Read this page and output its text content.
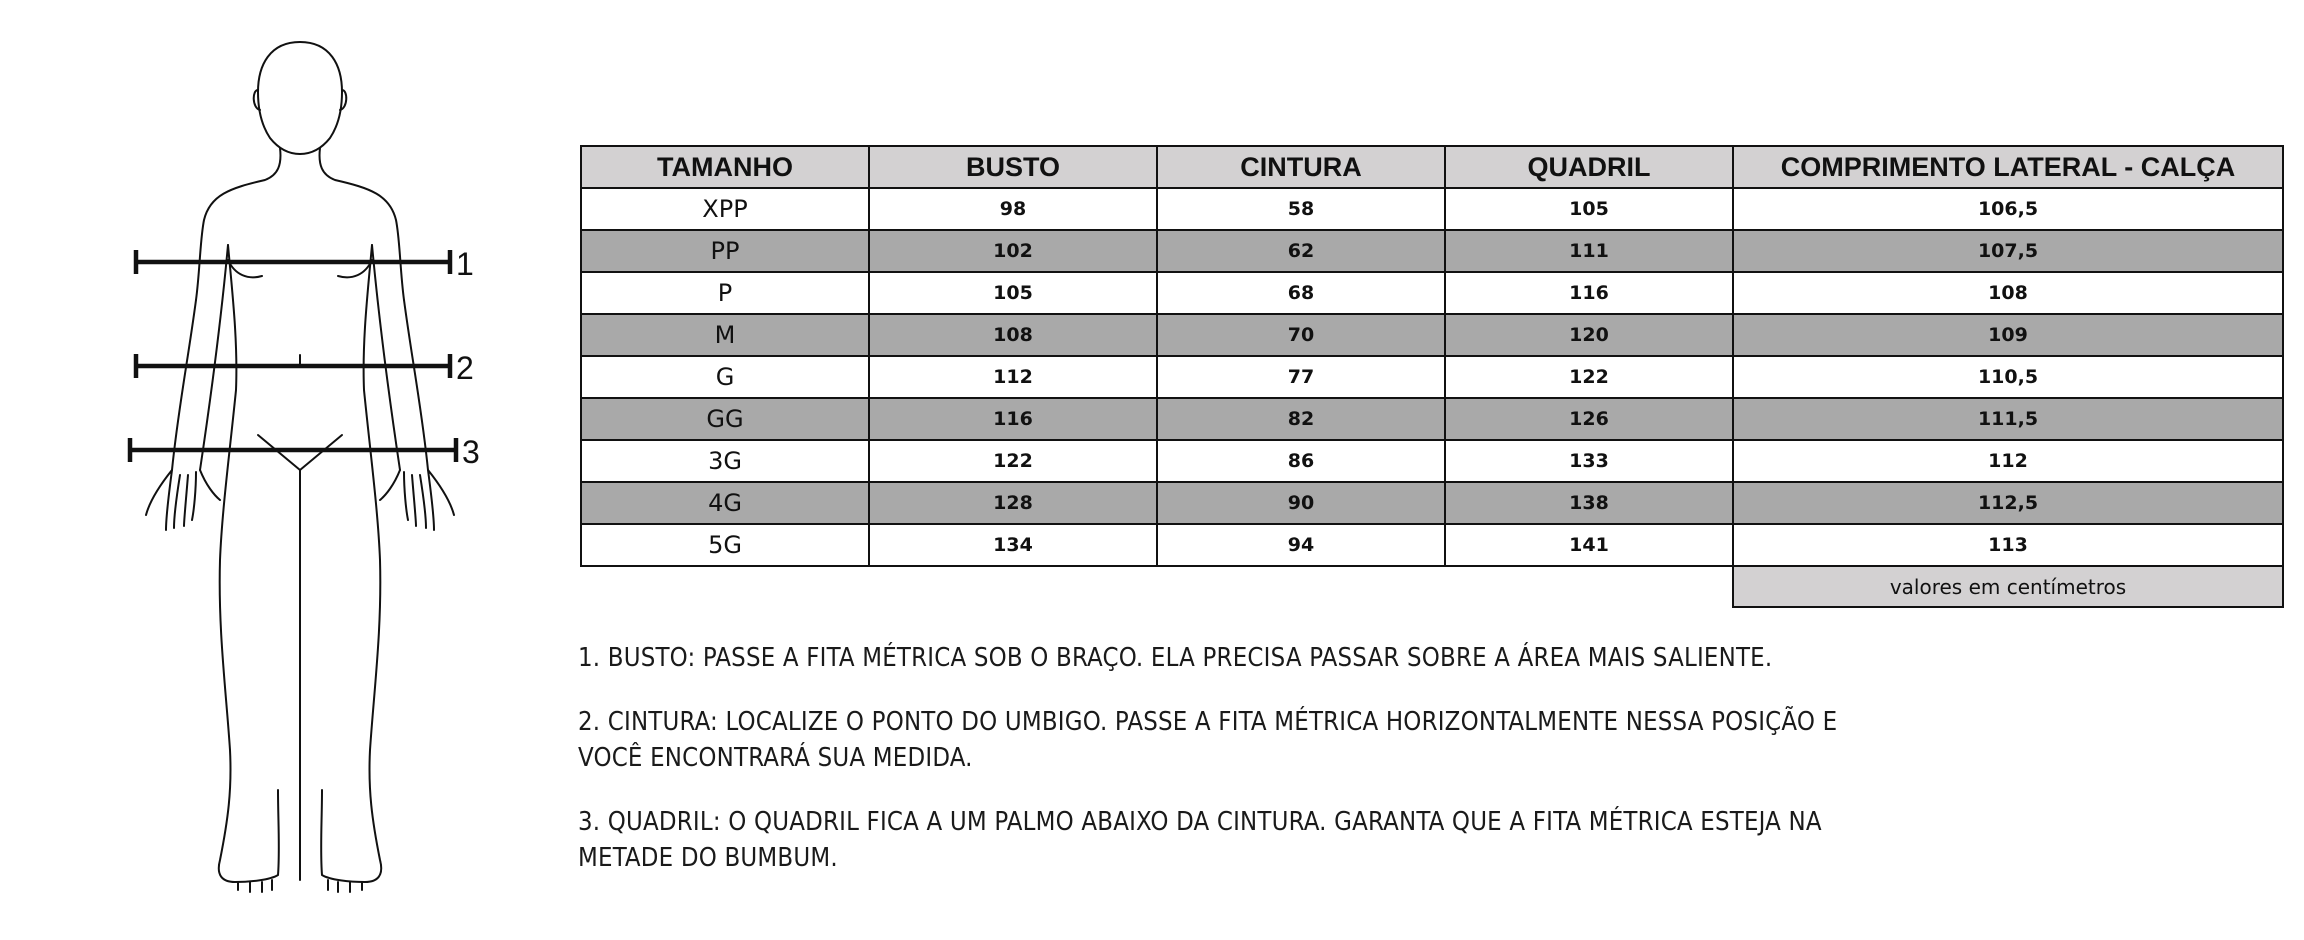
1
2
3
TAMANHO	BUSTO	CINTURA	QUADRIL	COMPRIMENTO LATERAL - CALÇA
XPP	98	58	105	106,5
PP	102	62	111	107,5
P	105	68	116	108
M	108	70	120	109
G	112	77	122	110,5
GG	116	82	126	111,5
3G	122	86	133	112
4G	128	90	138	112,5
5G	134	94	141	113
				valores em centímetros

1. BUSTO: PASSE A FITA MÉTRICA SOB O BRAÇO. ELA PRECISA PASSAR SOBRE A ÁREA MAIS SALIENTE.

2. CINTURA: LOCALIZE O PONTO DO UMBIGO. PASSE A FITA MÉTRICA HORIZONTALMENTE NESSA POSIÇÃO E VOCÊ ENCONTRARÁ SUA MEDIDA.

3. QUADRIL: O QUADRIL FICA A UM PALMO ABAIXO DA CINTURA. GARANTA QUE A FITA MÉTRICA ESTEJA NA METADE DO BUMBUM.
